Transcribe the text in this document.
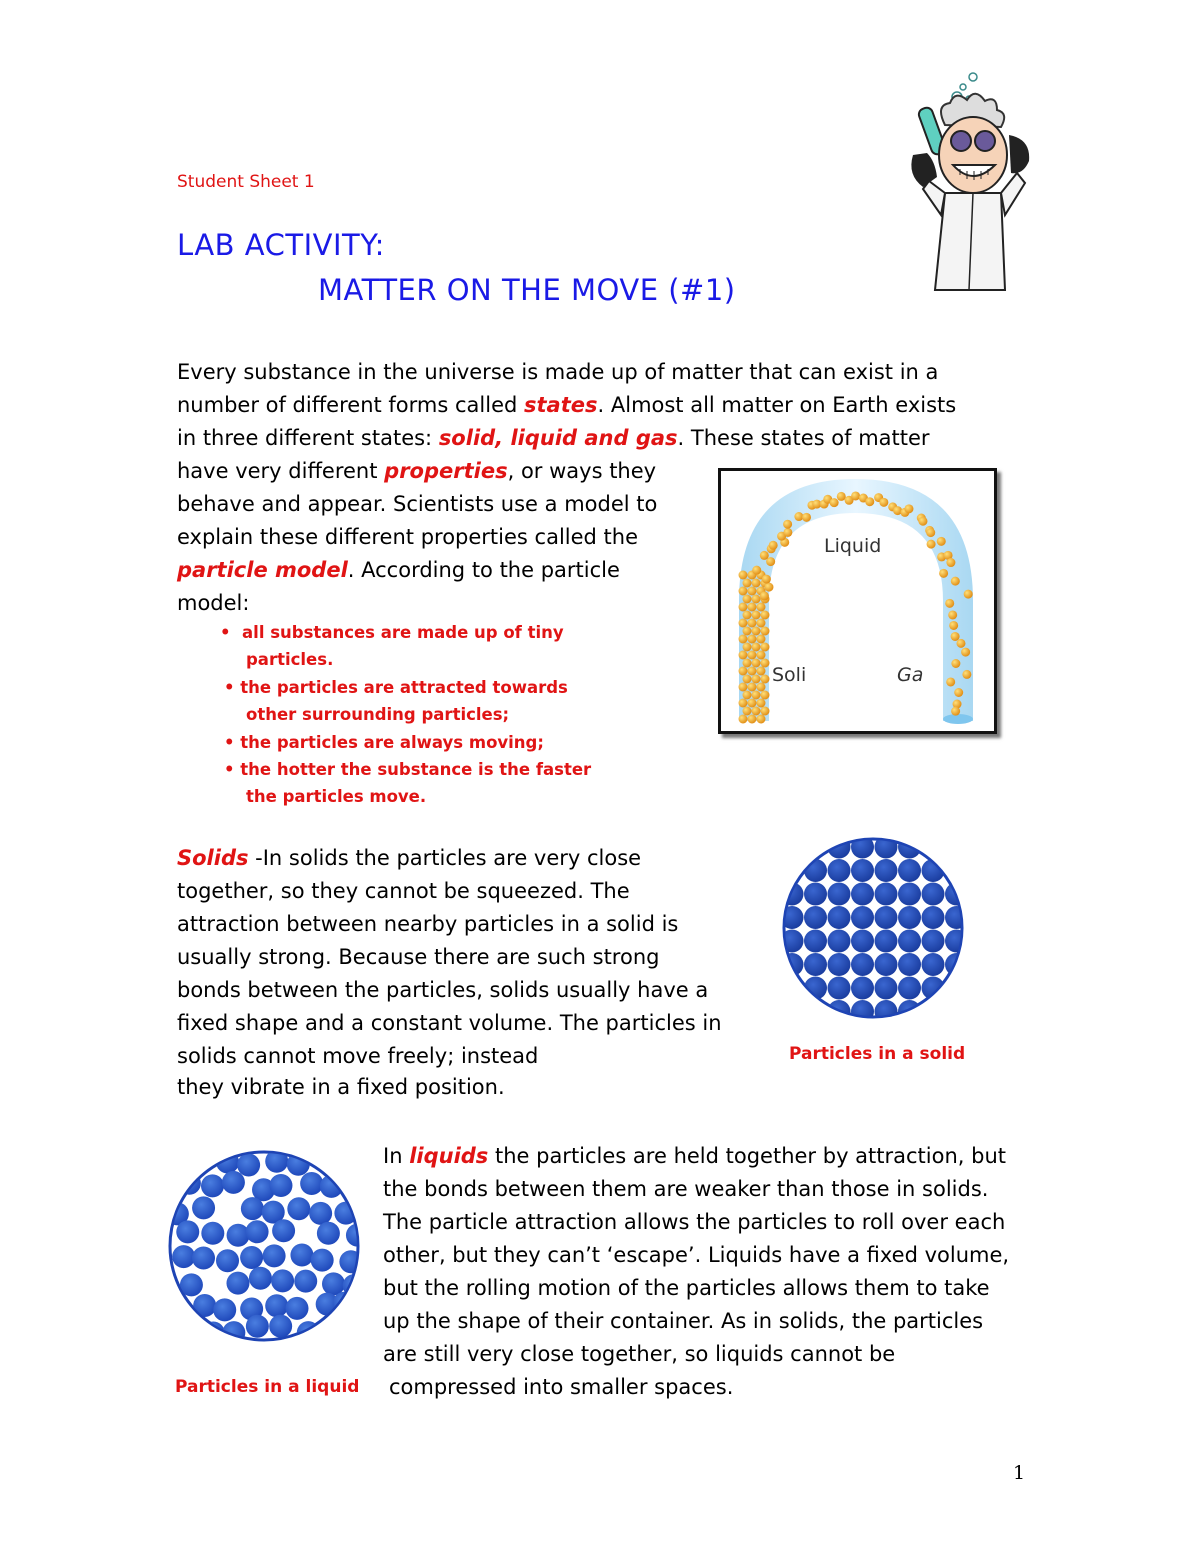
Student Sheet 1
LAB ACTIVITY:
MATTER ON THE MOVE (#1)
Every substance in the universe is made up of matter that can exist in a
number of different forms called states. Almost all matter on Earth exists
in three different states: solid, liquid and gas. These states of matter
have very different properties, or ways they
behave and appear. Scientists use a model to
explain these different properties called the
particle model. According to the particle
model:
•  all substances are made up of tiny
particles.
• the particles are attracted towards
other surrounding particles;
• the particles are always moving;
• the hotter the substance is the faster
the particles move.
Liquid
Soli	Ga
Solids -In solids the particles are very close
together, so they cannot be squeezed. The
attraction between nearby particles in a solid is
usually strong. Because there are such strong
bonds between the particles, solids usually have a
fixed shape and a constant volume. The particles in
solids cannot move freely; instead
they vibrate in a fixed position.
Particles in a solid
Particles in a liquid
In liquids the particles are held together by attraction, but
the bonds between them are weaker than those in solids.
The particle attraction allows the particles to roll over each
other, but they can’t ‘escape’. Liquids have a fixed volume,
but the rolling motion of the particles allows them to take
up the shape of their container. As in solids, the particles
are still very close together, so liquids cannot be
compressed into smaller spaces.
1
